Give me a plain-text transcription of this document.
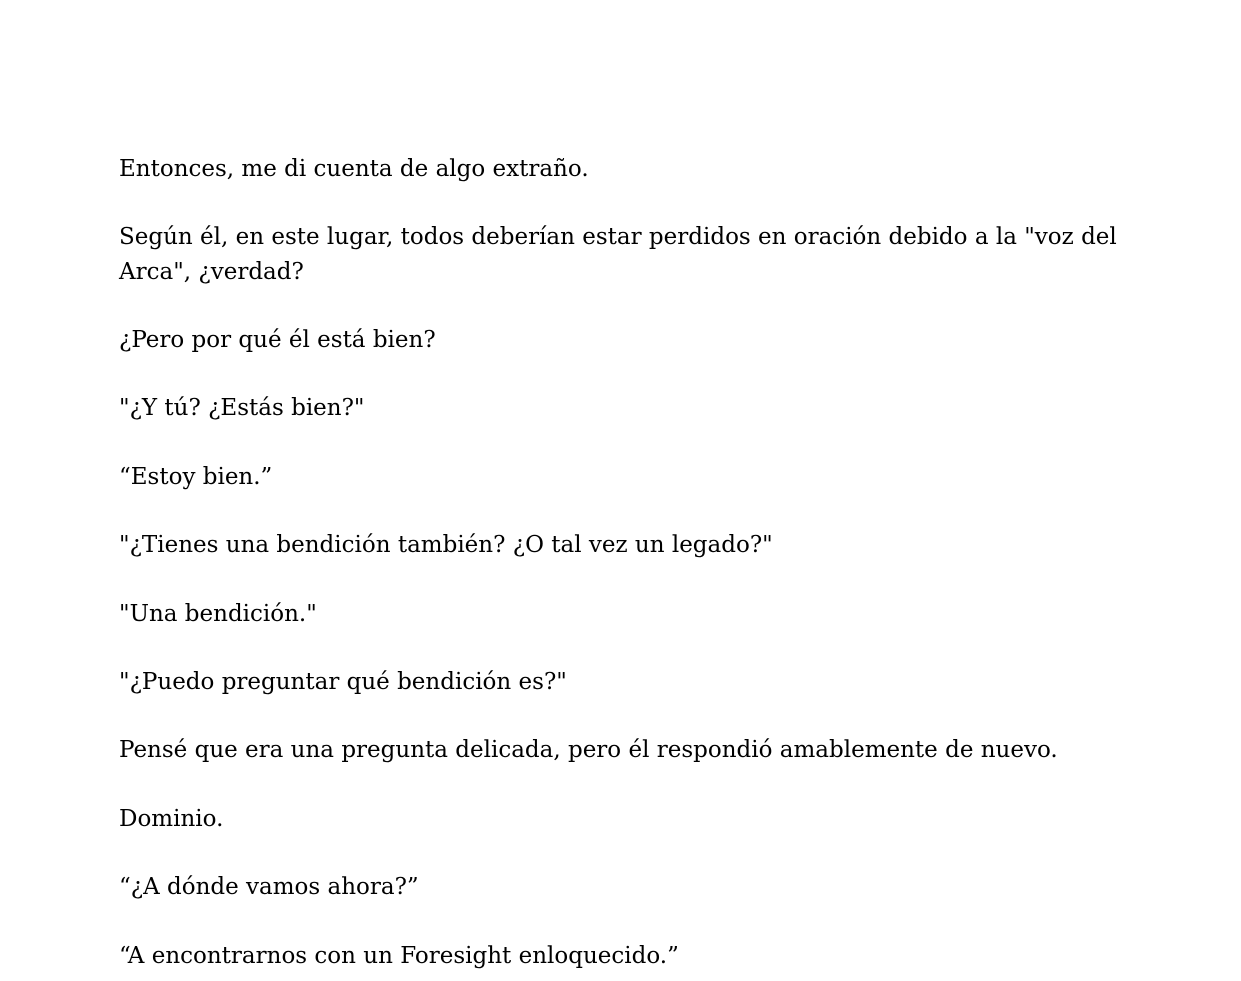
Entonces, me di cuenta de algo extraño.

Según él, en este lugar, todos deberían estar perdidos en oración debido a la "voz del Arca", ¿verdad?

¿Pero por qué él está bien?

"¿Y tú? ¿Estás bien?"

“Estoy bien.”

"¿Tienes una bendición también? ¿O tal vez un legado?"

"Una bendición."

"¿Puedo preguntar qué bendición es?"

Pensé que era una pregunta delicada, pero él respondió amablemente de nuevo.

Dominio.

“¿A dónde vamos ahora?”

“A encontrarnos con un Foresight enloquecido.”
